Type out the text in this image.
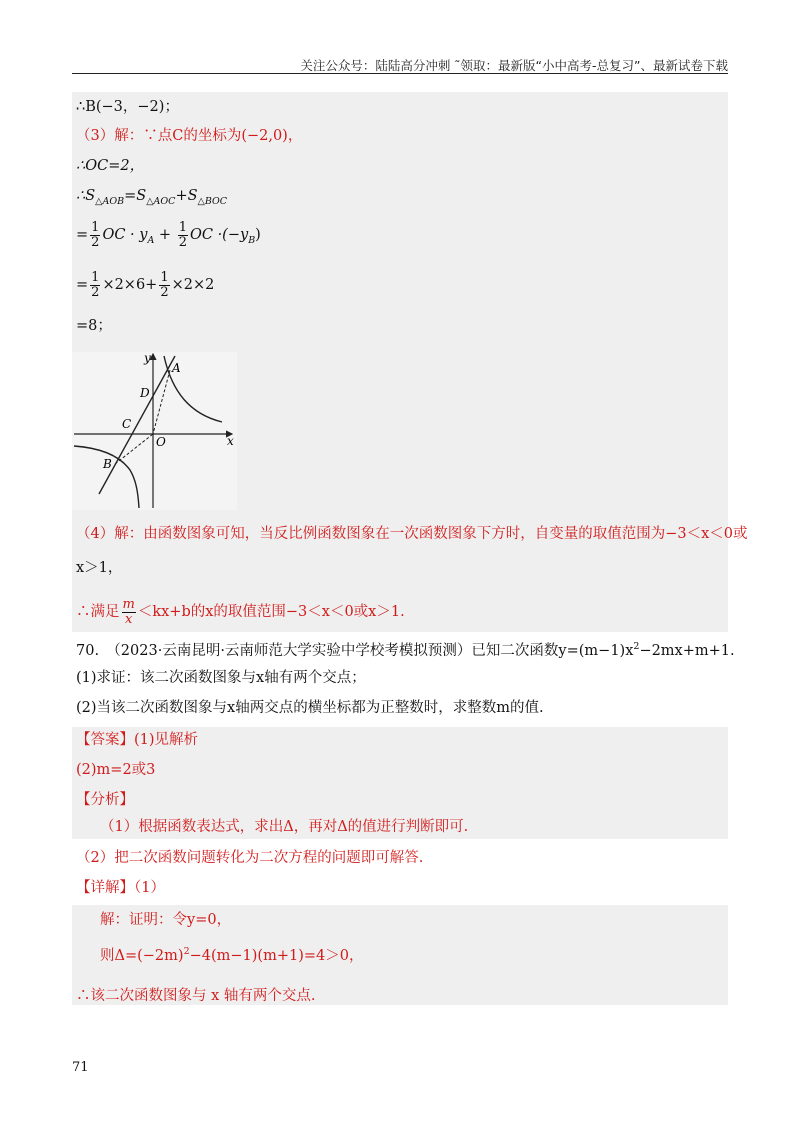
关注公众号：陆陆高分冲刺 ˜领取：最新版“小中高考-总复习”、最新试卷下载
∴B(−3，−2)；
（3）解：∵点C的坐标为(−2,0)，
∴OC=2，
$\therefore S_{\triangle AOB}=S_{\triangle AOC}+S_{\triangle BOC}$
= $\frac{1}{2}$ OC · $y_A + \frac{1}{2}$ OC $\cdot(-y_B)$
= $\frac{1}{2} \times 2\times 6+ \frac{1}{2} \times 2\times 2$
=8；
y
x
A
D
C
O
B
（4）解：由函数图象可知，当反比例函数图象在一次函数图象下方时，自变量的取值范围为−3＜x＜0或
x＞1，
∴满足 $\frac{m}{x} <kx+b$的x的取值范围−3＜x＜0或x＞1.
70.　（2023·云南昆明·云南师范大学实验中学校考模拟预测）已知二次函数$y=(m-1)x^2-2mx+m+1$.
(1)求证：该二次函数图象与x轴有两个交点；
(2)当该二次函数图象与x轴两交点的横坐标都为正整数时，求整数m的值.
【答案】(1)见解析
(2)m=2或3
【分析】
（1）根据函数表达式，求出Δ，再对Δ的值进行判断即可.
（2）把二次函数问题转化为二次方程的问题即可解答.
【详解】（1）
解：证明：令y=0，
则$\Delta=(-2m)^2-4(m-1)(m+1)=4>0$，
∴该二次函数图象与 x 轴有两个交点.
71
